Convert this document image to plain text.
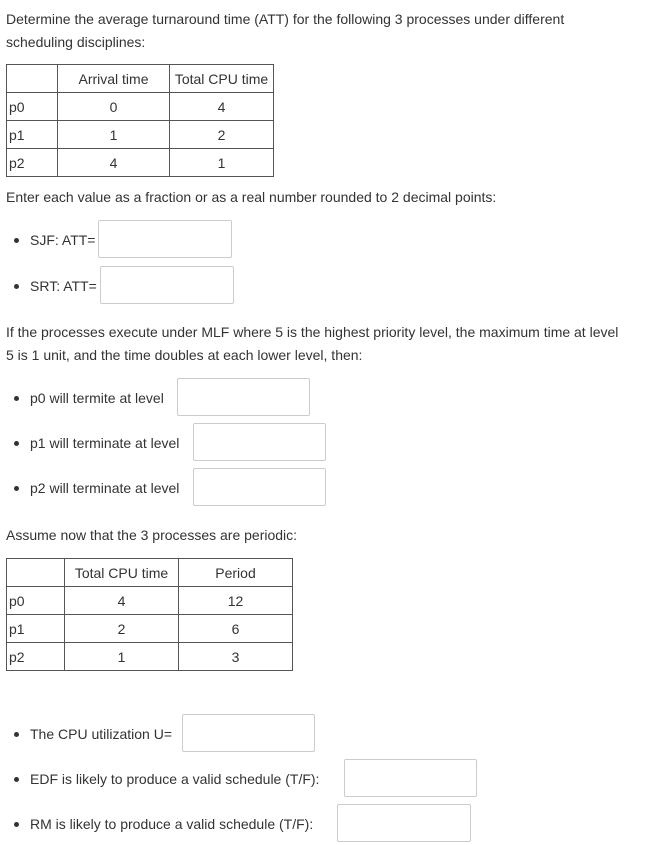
Determine the average turnaround time (ATT) for the following 3 processes under different
scheduling disciplines:
	Arrival time	Total CPU time
p0	0	4
p1	1	2
p2	4	1
Enter each value as a fraction or as a real number rounded to 2 decimal points:
SJF: ATT=
SRT: ATT=
If the processes execute under MLF where 5 is the highest priority level, the maximum time at level
5 is 1 unit, and the time doubles at each lower level, then:
p0 will termite at level
p1 will terminate at level
p2 will terminate at level
Assume now that the 3 processes are periodic:
	Total CPU time	Period
p0	4	12
p1	2	6
p2	1	3
The CPU utilization U=
EDF is likely to produce a valid schedule (T/F):
RM is likely to produce a valid schedule (T/F):
